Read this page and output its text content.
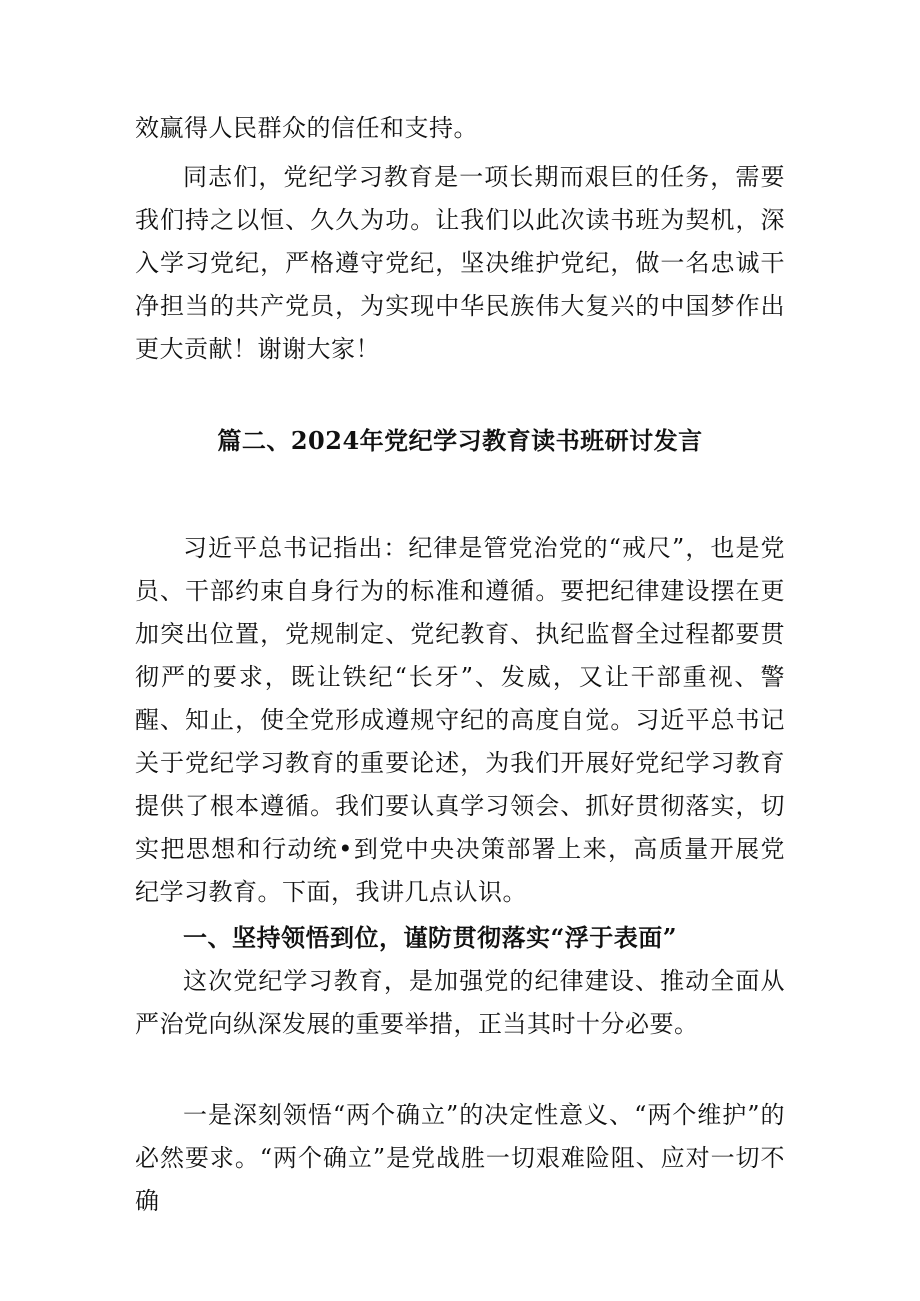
效赢得人民群众的信任和支持。
同志们，党纪学习教育是一项长期而艰巨的任务，需要我们持之以恒、久久为功。让我们以此次读书班为契机，深入学习党纪，严格遵守党纪，坚决维护党纪，做一名忠诚干净担当的共产党员，为实现中华民族伟大复兴的中国梦作出更大贡献！谢谢大家！
篇二、2024年党纪学习教育读书班研讨发言
习近平总书记指出：纪律是管党治党的“戒尺”，也是党员、干部约束自身行为的标准和遵循。要把纪律建设摆在更加突出位置，党规制定、党纪教育、执纪监督全过程都要贯彻严的要求，既让铁纪“长牙”、发威，又让干部重视、警醒、知止，使全党形成遵规守纪的高度自觉。习近平总书记关于党纪学习教育的重要论述，为我们开展好党纪学习教育提供了根本遵循。我们要认真学习领会、抓好贯彻落实，切实把思想和行动统•到党中央决策部署上来，高质量开展党纪学习教育。下面，我讲几点认识。
一、坚持领悟到位，谨防贯彻落实“浮于表面”
这次党纪学习教育，是加强党的纪律建设、推动全面从严治党向纵深发展的重要举措，正当其时十分必要。
一是深刻领悟“两个确立”的决定性意义、“两个维护”的必然要求。“两个确立”是党战胜一切艰难险阻、应对一切不确
